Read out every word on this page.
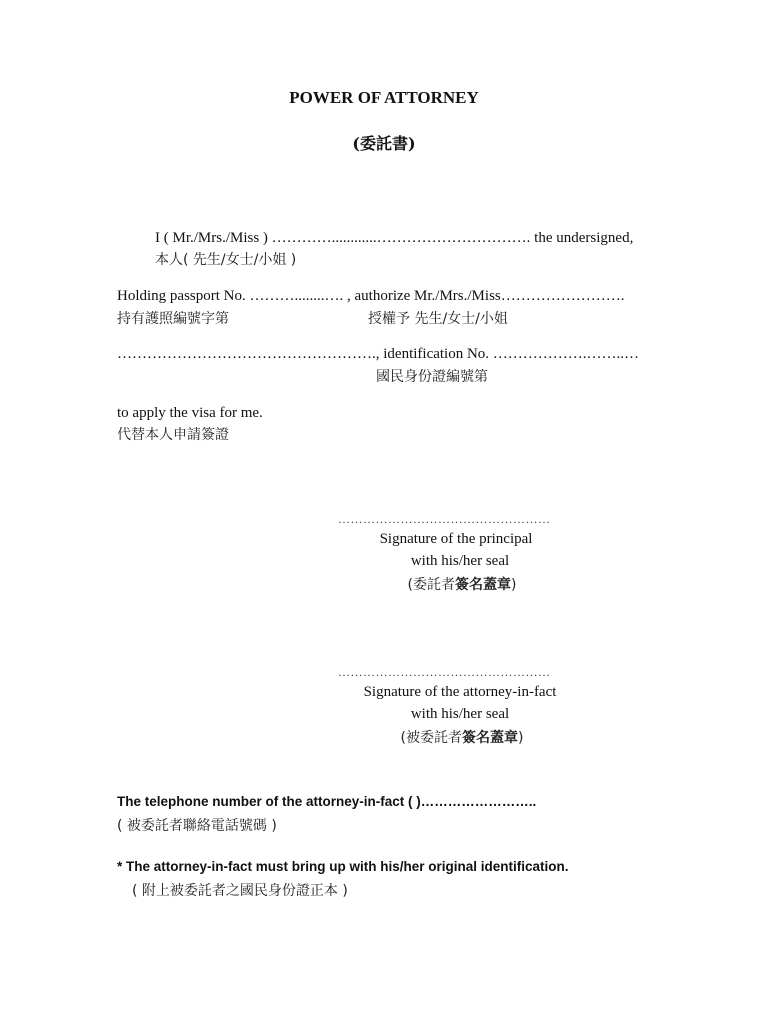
POWER OF ATTORNEY
(委託書)
I ( Mr./Mrs./Miss ) …………............…………………………. the undersigned,
本人( 先生/女士/小姐 )
Holding passport No. ………........…. , authorize Mr./Mrs./Miss…………………….
持有護照編號字第	授權予 先生/女士/小姐
……………………………………………., identification No. ……………….……..…
國民身份證編號第
to apply the visa for me.
代替本人申請簽證
……………………………………………
Signature of the principal
with his/her seal
(委託者簽名蓋章)
……………………………………………
Signature of the attorney-in-fact
with his/her seal
(被委託者簽名蓋章)
The telephone number of the attorney-in-fact ( )……………………..
( 被委託者聯絡電話號碼 )
* The attorney-in-fact must bring up with his/her original identification.
( 附上被委託者之國民身份證正本 )
